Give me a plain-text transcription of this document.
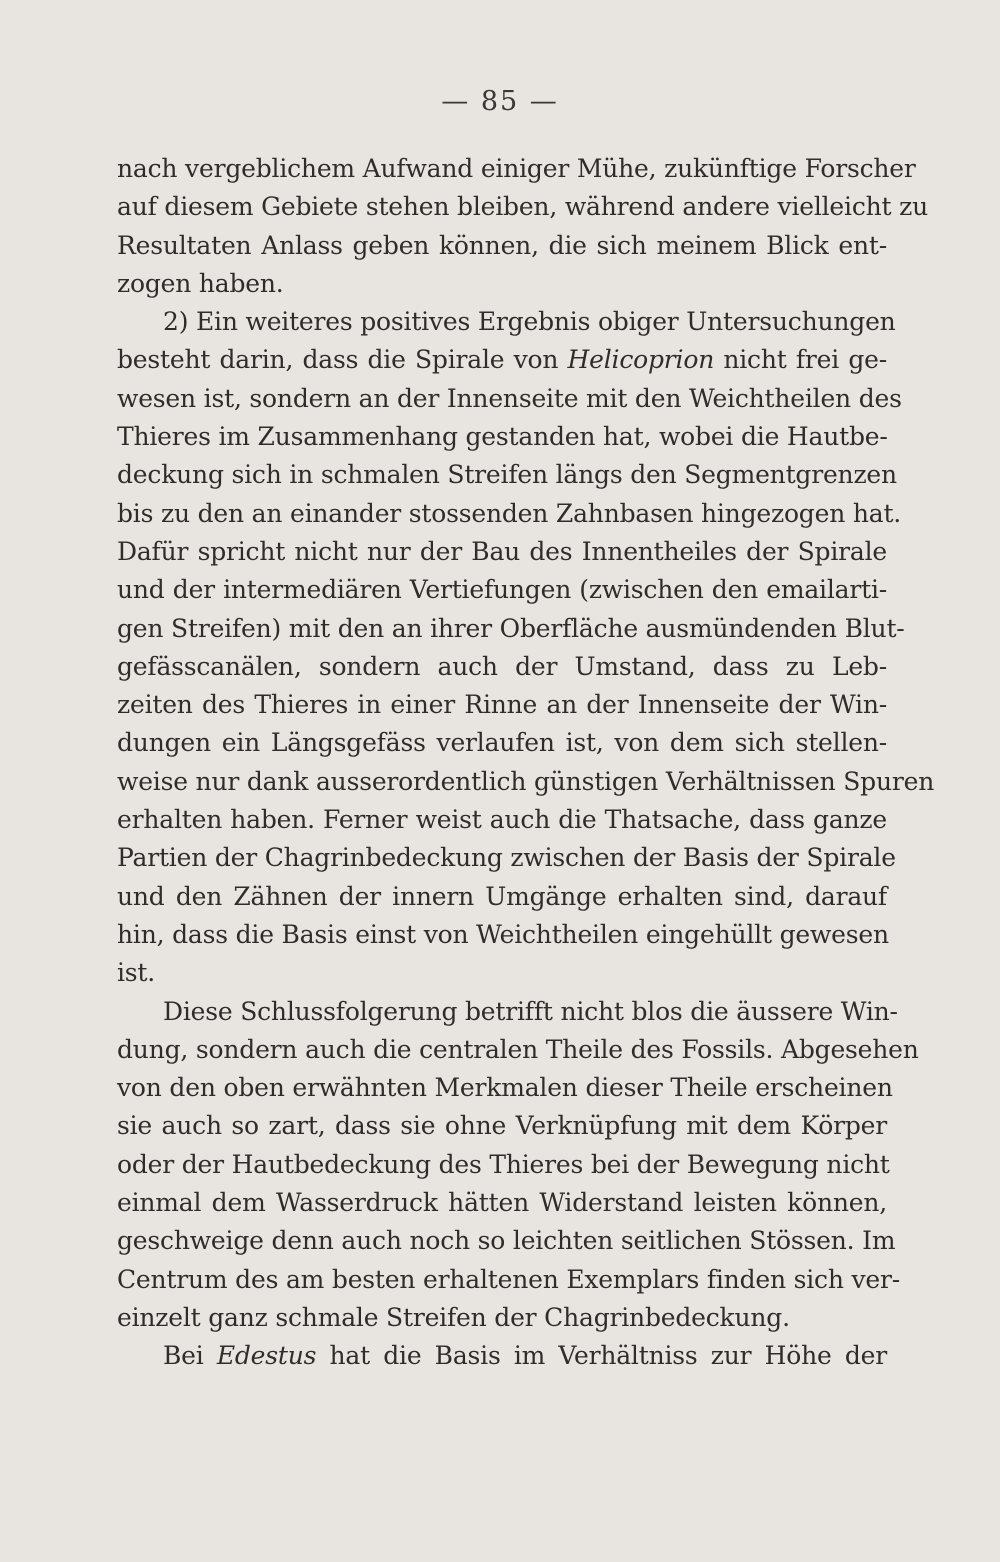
— 85 —
nach vergeblichem Aufwand einiger Mühe, zukünftige Forscher
auf diesem Gebiete stehen bleiben, während andere vielleicht zu
Resultaten Anlass geben können, die sich meinem Blick ent-
zogen haben.
2) Ein weiteres positives Ergebnis obiger Untersuchungen
besteht darin, dass die Spirale von Helicoprion nicht frei ge-
wesen ist, sondern an der Innenseite mit den Weichtheilen des
Thieres im Zusammenhang gestanden hat, wobei die Hautbe-
deckung sich in schmalen Streifen längs den Segmentgrenzen
bis zu den an einander stossenden Zahnbasen hingezogen hat.
Dafür spricht nicht nur der Bau des Innentheiles der Spirale
und der intermediären Vertiefungen (zwischen den emailarti-
gen Streifen) mit den an ihrer Oberfläche ausmündenden Blut-
gefässcanälen, sondern auch der Umstand, dass zu Leb-
zeiten des Thieres in einer Rinne an der Innenseite der Win-
dungen ein Längsgefäss verlaufen ist, von dem sich stellen-
weise nur dank ausserordentlich günstigen Verhältnissen Spuren
erhalten haben. Ferner weist auch die Thatsache, dass ganze
Partien der Chagrinbedeckung zwischen der Basis der Spirale
und den Zähnen der innern Umgänge erhalten sind, darauf
hin, dass die Basis einst von Weichtheilen eingehüllt gewesen
ist.
Diese Schlussfolgerung betrifft nicht blos die äussere Win-
dung, sondern auch die centralen Theile des Fossils. Abgesehen
von den oben erwähnten Merkmalen dieser Theile erscheinen
sie auch so zart, dass sie ohne Verknüpfung mit dem Körper
oder der Hautbedeckung des Thieres bei der Bewegung nicht
einmal dem Wasserdruck hätten Widerstand leisten können,
geschweige denn auch noch so leichten seitlichen Stössen. Im
Centrum des am besten erhaltenen Exemplars finden sich ver-
einzelt ganz schmale Streifen der Chagrinbedeckung.
Bei Edestus hat die Basis im Verhältniss zur Höhe der
